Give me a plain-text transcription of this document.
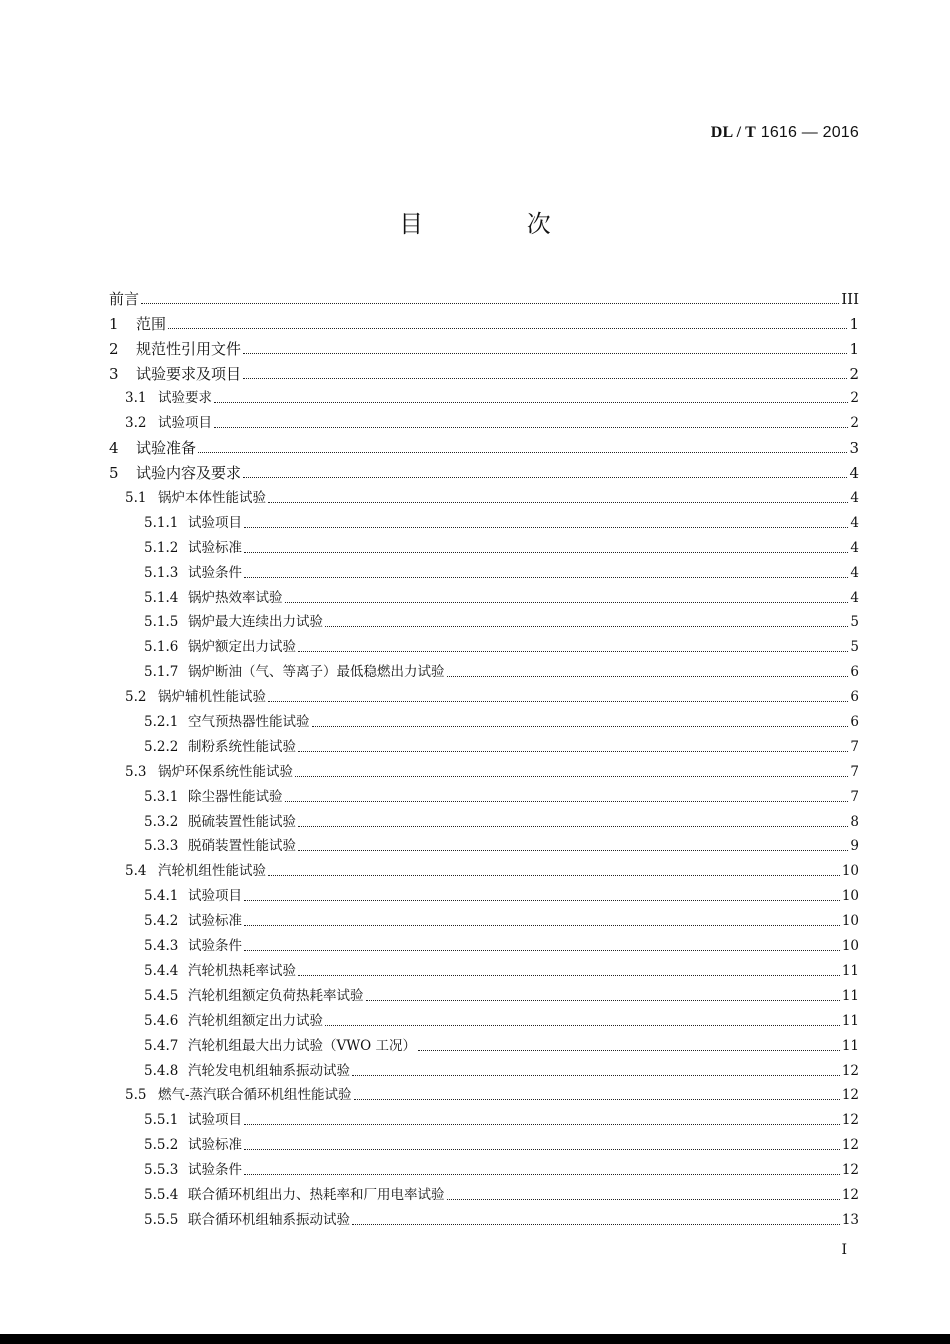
DL / T 1616 — 2016
目 次
前言	III
1	范围	1
2	规范性引用文件	1
3	试验要求及项目	2
3.1 试验要求	2
3.2 试验项目	2
4	试验准备	3
5	试验内容及要求	4
5.1 锅炉本体性能试验	4
5.1.1 试验项目	4
5.1.2 试验标准	4
5.1.3 试验条件	4
5.1.4 锅炉热效率试验	4
5.1.5 锅炉最大连续出力试验	5
5.1.6 锅炉额定出力试验	5
5.1.7 锅炉断油（气、等离子）最低稳燃出力试验	6
5.2 锅炉辅机性能试验	6
5.2.1 空气预热器性能试验	6
5.2.2 制粉系统性能试验	7
5.3 锅炉环保系统性能试验	7
5.3.1 除尘器性能试验	7
5.3.2 脱硫装置性能试验	8
5.3.3 脱硝装置性能试验	9
5.4 汽轮机组性能试验	10
5.4.1 试验项目	10
5.4.2 试验标准	10
5.4.3 试验条件	10
5.4.4 汽轮机热耗率试验	11
5.4.5 汽轮机组额定负荷热耗率试验	11
5.4.6 汽轮机组额定出力试验	11
5.4.7 汽轮机组最大出力试验（VWO 工况）	11
5.4.8 汽轮发电机组轴系振动试验	12
5.5 燃气-蒸汽联合循环机组性能试验	12
5.5.1 试验项目	12
5.5.2 试验标准	12
5.5.3 试验条件	12
5.5.4 联合循环机组出力、热耗率和厂用电率试验	12
5.5.5 联合循环机组轴系振动试验	13
I
